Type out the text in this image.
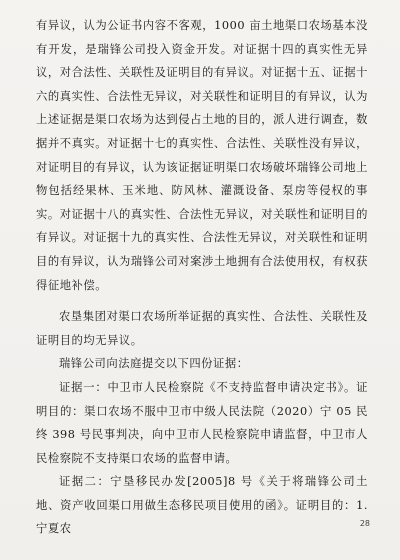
有异议，认为公证书内容不客观，1000 亩土地渠口农场基本没有开发，是瑞锋公司投入资金开发。对证据十四的真实性无异议，对合法性、关联性及证明目的有异议。对证据十五、证据十六的真实性、合法性无异议，对关联性和证明目的有异议，认为上述证据是渠口农场为达到侵占土地的目的，派人进行调查，数据并不真实。对证据十七的真实性、合法性、关联性没有异议，对证明目的有异议，认为该证据证明渠口农场破坏瑞锋公司地上物包括经果林、玉米地、防风林、灌溉设备、泵房等侵权的事实。对证据十八的真实性、合法性无异议，对关联性和证明目的有异议。对证据十九的真实性、合法性无异议，对关联性和证明目的有异议，认为瑞锋公司对案涉土地拥有合法使用权，有权获得征地补偿。

农垦集团对渠口农场所举证据的真实性、合法性、关联性及证明目的均无异议。

瑞锋公司向法庭提交以下四份证据：

证据一：中卫市人民检察院《不支持监督申请决定书》。证明目的：渠口农场不服中卫市中级人民法院（2020）宁 05 民终 398 号民事判决，向中卫市人民检察院申请监督，中卫市人民检察院不支持渠口农场的监督申请。

证据二：宁垦移民办发[2005]8 号《关于将瑞锋公司土地、资产收回渠口用做生态移民项目使用的函》。证明目的：1. 宁夏农	28
